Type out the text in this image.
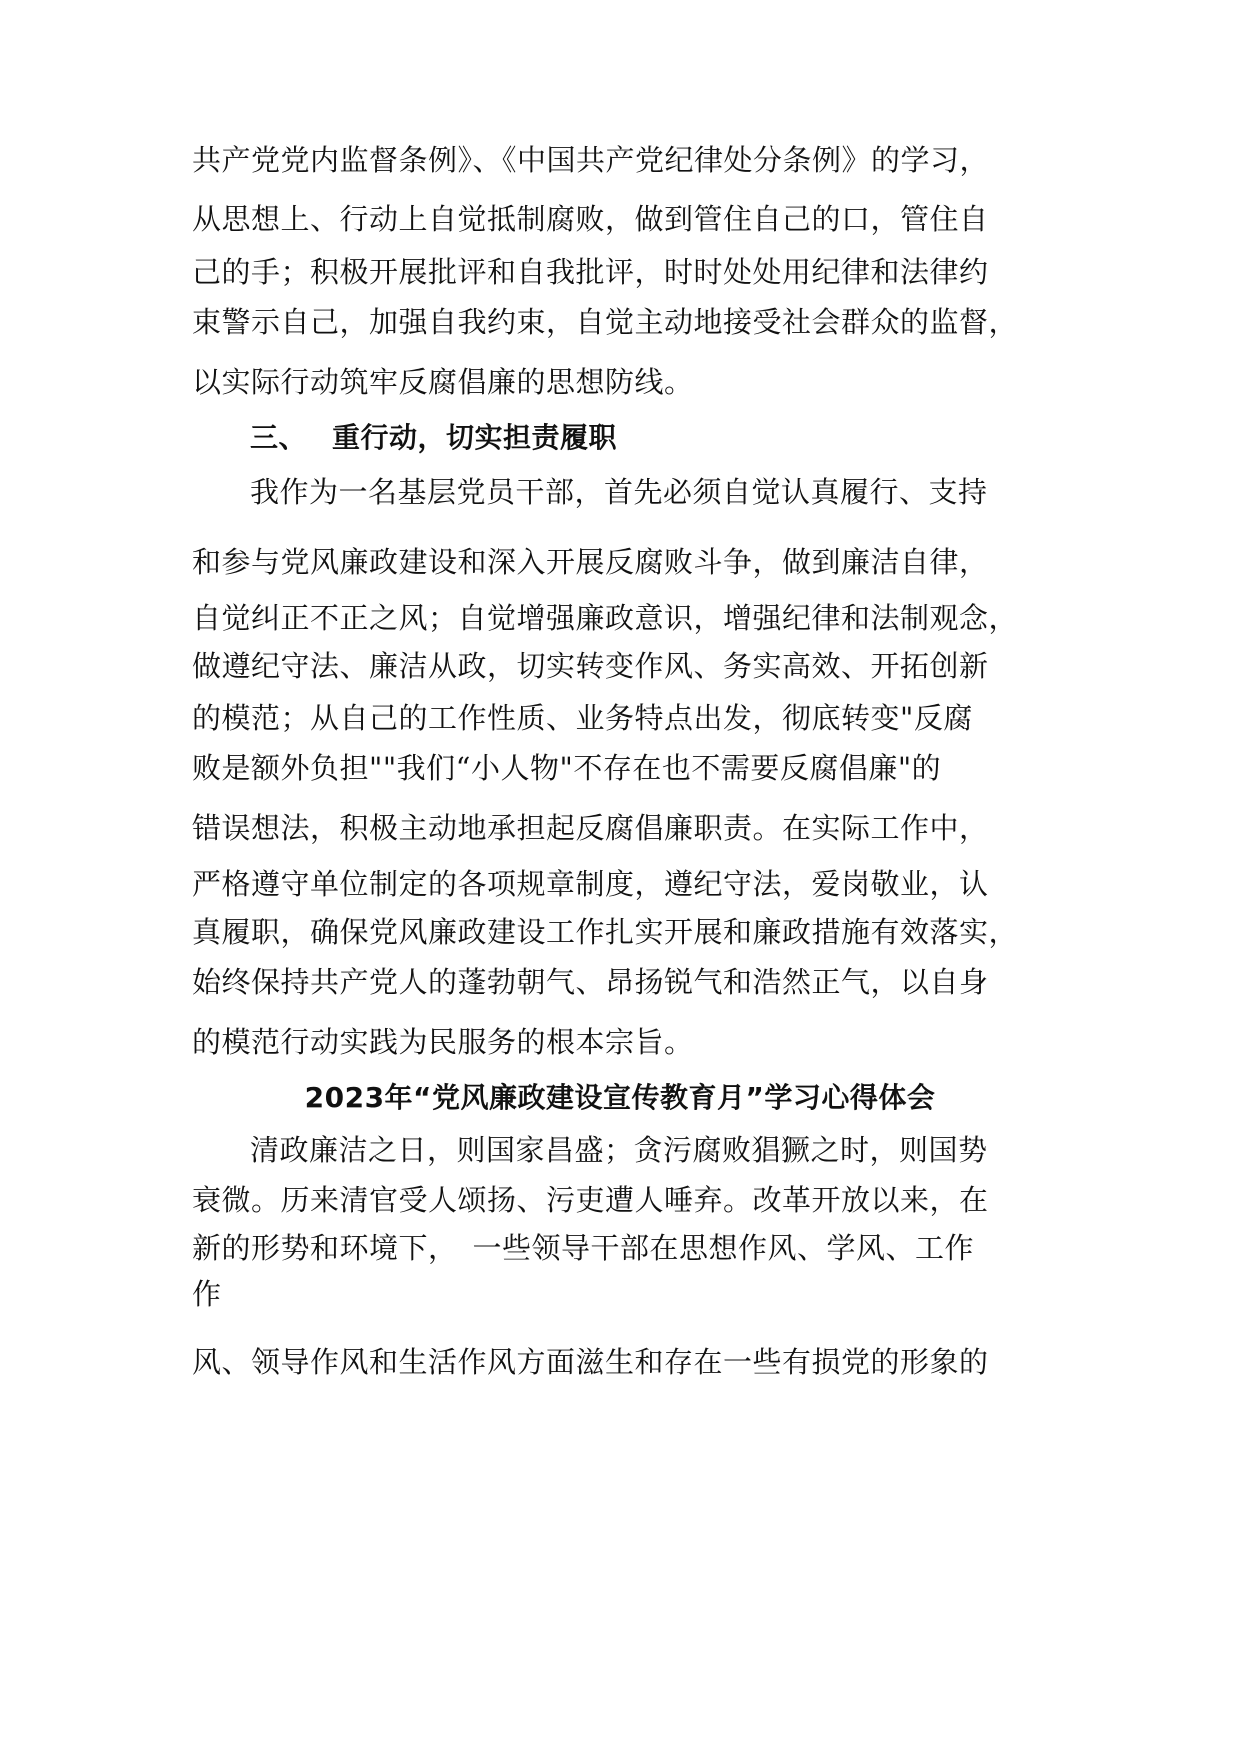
共产党党内监督条例》、《中国共产党纪律处分条例》的学习，
从思想上、行动上自觉抵制腐败，做到管住自己的口，管住自
己的手；积极开展批评和自我批评，时时处处用纪律和法律约
束警示自己，加强自我约束，自觉主动地接受社会群众的监督，
以实际行动筑牢反腐倡廉的思想防线。
三、 重行动，切实担责履职
我作为一名基层党员干部，首先必须自觉认真履行、支持
和参与党风廉政建设和深入开展反腐败斗争，做到廉洁自律，
自觉纠正不正之风；自觉增强廉政意识，增强纪律和法制观念，
做遵纪守法、廉洁从政，切实转变作风、务实高效、开拓创新
的模范；从自己的工作性质、业务特点出发，彻底转变"反腐
败是额外负担""我们“小人物"不存在也不需要反腐倡廉"的
错误想法，积极主动地承担起反腐倡廉职责。在实际工作中，
严格遵守单位制定的各项规章制度，遵纪守法，爱岗敬业，认
真履职，确保党风廉政建设工作扎实开展和廉政措施有效落实，
始终保持共产党人的蓬勃朝气、昂扬锐气和浩然正气，以自身
的模范行动实践为民服务的根本宗旨。
2023年“党风廉政建设宣传教育月”学习心得体会
清政廉洁之日，则国家昌盛；贪污腐败猖獗之时，则国势
衰微。历来清官受人颂扬、污吏遭人唾弃。改革开放以来，在
新的形势和环境下，　一些领导干部在思想作风、学风、工作
作
风、领导作风和生活作风方面滋生和存在一些有损党的形象的
